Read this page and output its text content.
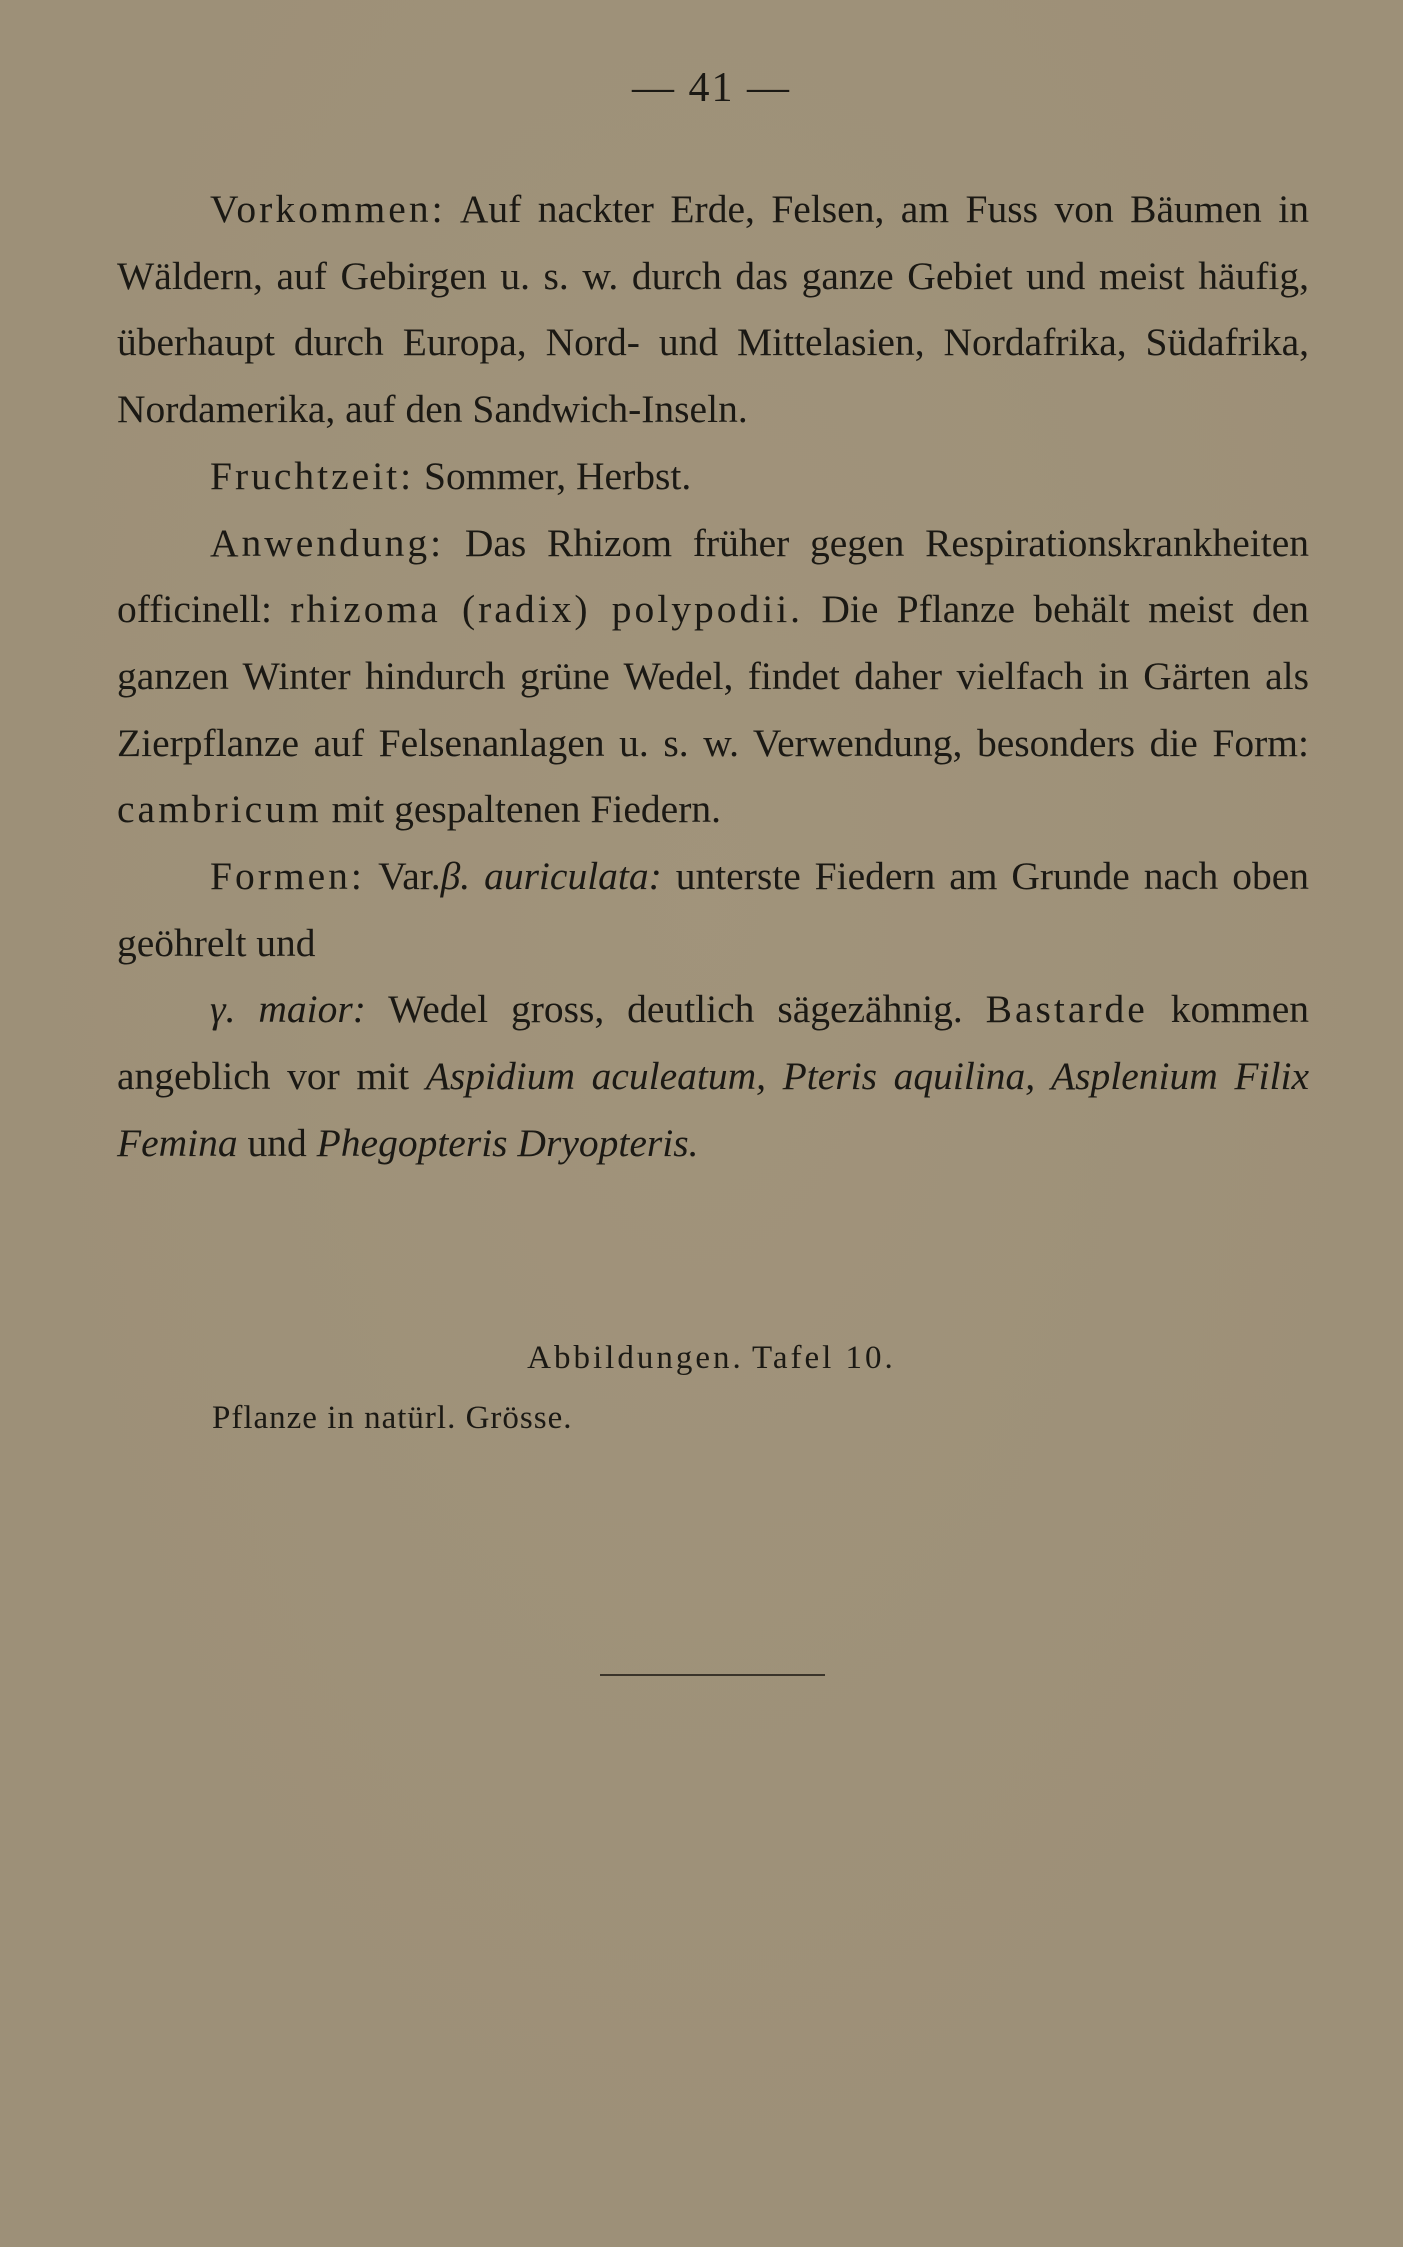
— 41 —

Vorkommen: Auf nackter Erde, Felsen, am Fuss von Bäumen in Wäldern, auf Gebirgen u. s. w. durch das ganze Gebiet und meist häufig, überhaupt durch Europa, Nord- und Mittelasien, Nordafrika, Südafrika, Nordamerika, auf den Sandwich-Inseln.

Fruchtzeit: Sommer, Herbst.

Anwendung: Das Rhizom früher gegen Respirationskrankheiten officinell: rhizoma (radix) polypodii. Die Pflanze behält meist den ganzen Winter hindurch grüne Wedel, findet daher vielfach in Gärten als Zierpflanze auf Felsenanlagen u. s. w. Verwendung, besonders die Form: cambricum mit gespaltenen Fiedern.

Formen: Var.β. auriculata: unterste Fiedern am Grunde nach oben geöhrelt und

γ. maior: Wedel gross, deutlich sägezähnig. Bastarde kommen angeblich vor mit Aspidium aculeatum, Pteris aquilina, Asplenium Filix Femina und Phegopteris Dryopteris.

Abbildungen. Tafel 10.
Pflanze in natürl. Grösse.
